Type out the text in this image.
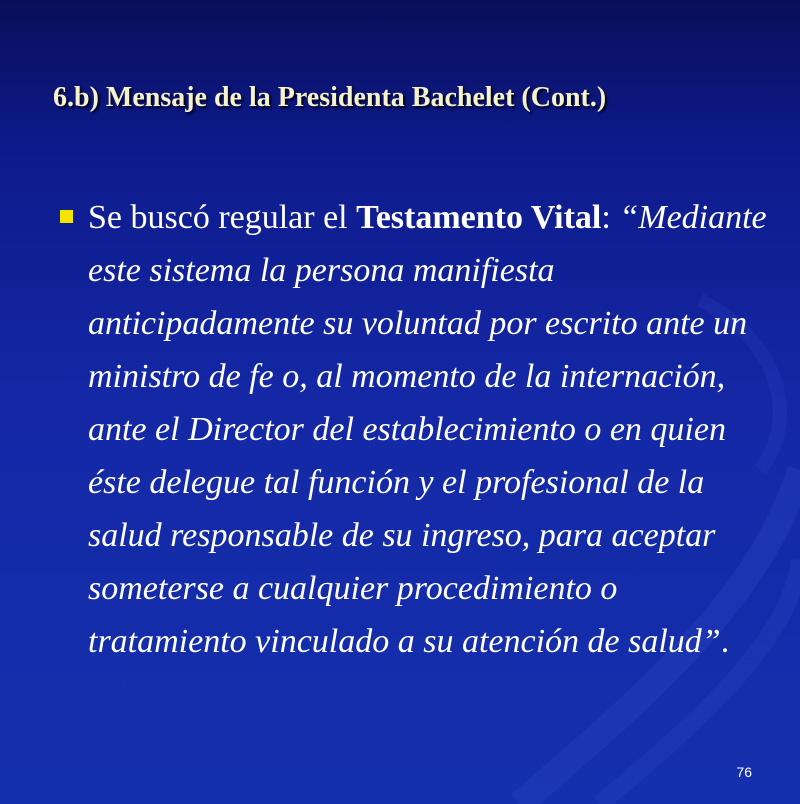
6.b) Mensaje de la Presidenta Bachelet (Cont.)

Se buscó regular el Testamento Vital: “Mediante este sistema la persona manifiesta anticipadamente su voluntad por escrito ante un ministro de fe o, al momento de la internación, ante el Director del establecimiento o en quien éste delegue tal función y el profesional de la salud responsable de su ingreso, para aceptar someterse a cualquier procedimiento o tratamiento vinculado a su atención de salud”.

76
